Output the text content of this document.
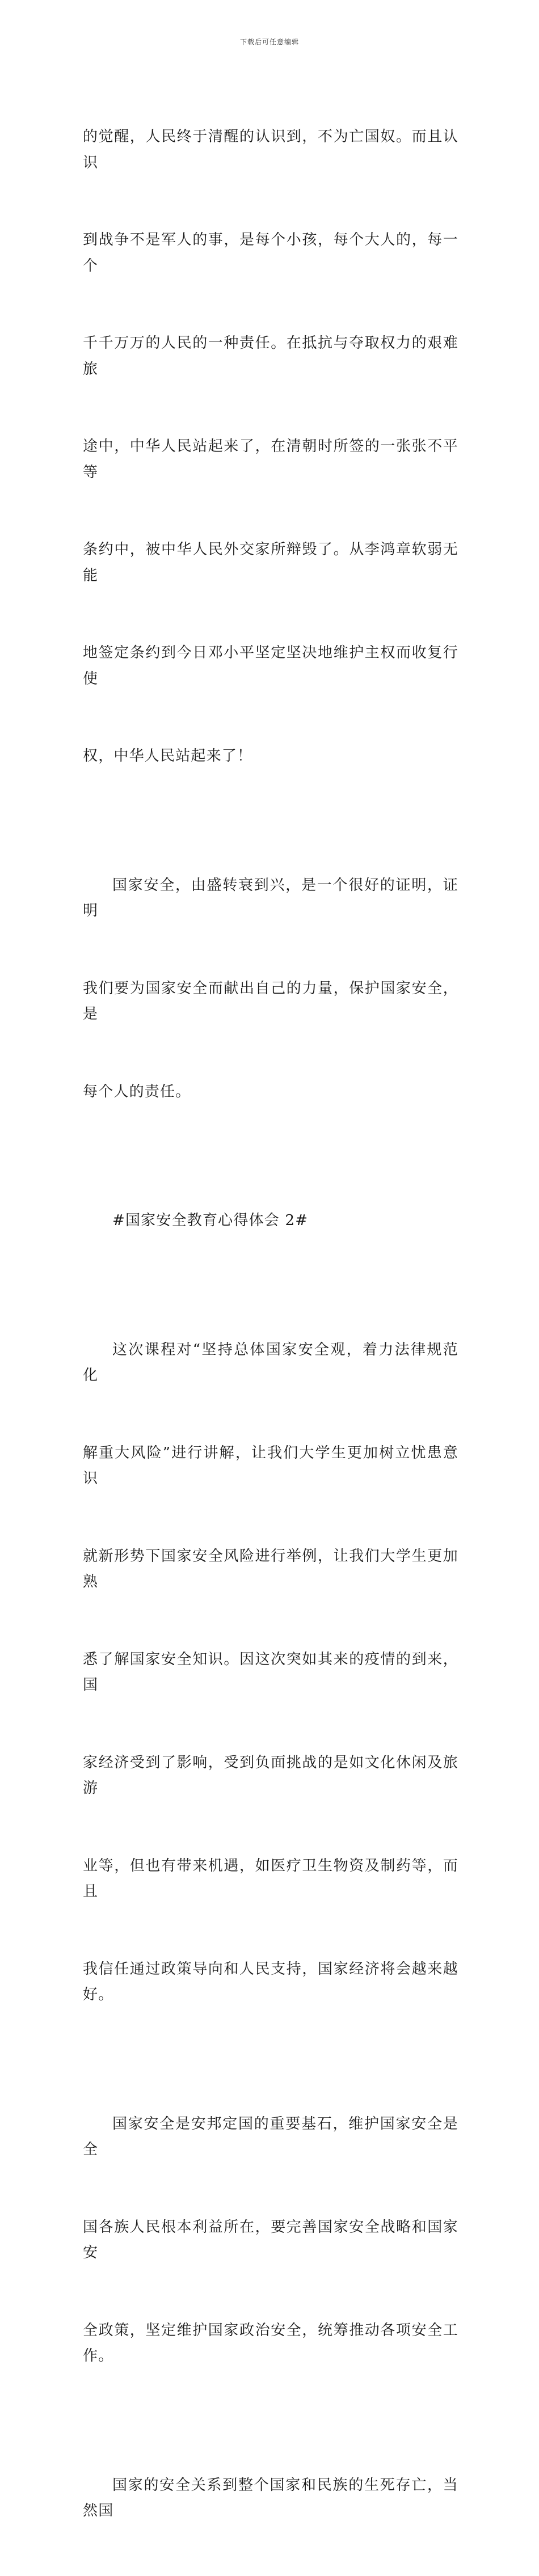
下载后可任意编辑

的觉醒，人民终于清醒的认识到，不为亡国奴。而且认识

到战争不是军人的事，是每个小孩，每个大人的，每一个

千千万万的人民的一种责任。在抵抗与夺取权力的艰难旅

途中，中华人民站起来了，在清朝时所签的一张张不平等

条约中，被中华人民外交家所辩毁了。从李鸿章软弱无能

地签定条约到今日邓小平坚定坚决地维护主权而收复行使

权，中华人民站起来了！

国家安全，由盛转衰到兴，是一个很好的证明，证明

我们要为国家安全而献出自己的力量，保护国家安全，是

每个人的责任。

#国家安全教育心得体会 2#

这次课程对“坚持总体国家安全观，着力法律规范化

解重大风险”进行讲解，让我们大学生更加树立忧患意识

就新形势下国家安全风险进行举例，让我们大学生更加熟

悉了解国家安全知识。因这次突如其来的疫情的到来，国

家经济受到了影响，受到负面挑战的是如文化休闲及旅游

业等，但也有带来机遇，如医疗卫生物资及制药等，而且

我信任通过政策导向和人民支持，国家经济将会越来越好。

国家安全是安邦定国的重要基石，维护国家安全是全

国各族人民根本利益所在，要完善国家安全战略和国家安

全政策，坚定维护国家政治安全，统筹推动各项安全工作。

国家的安全关系到整个国家和民族的生死存亡，当然国
